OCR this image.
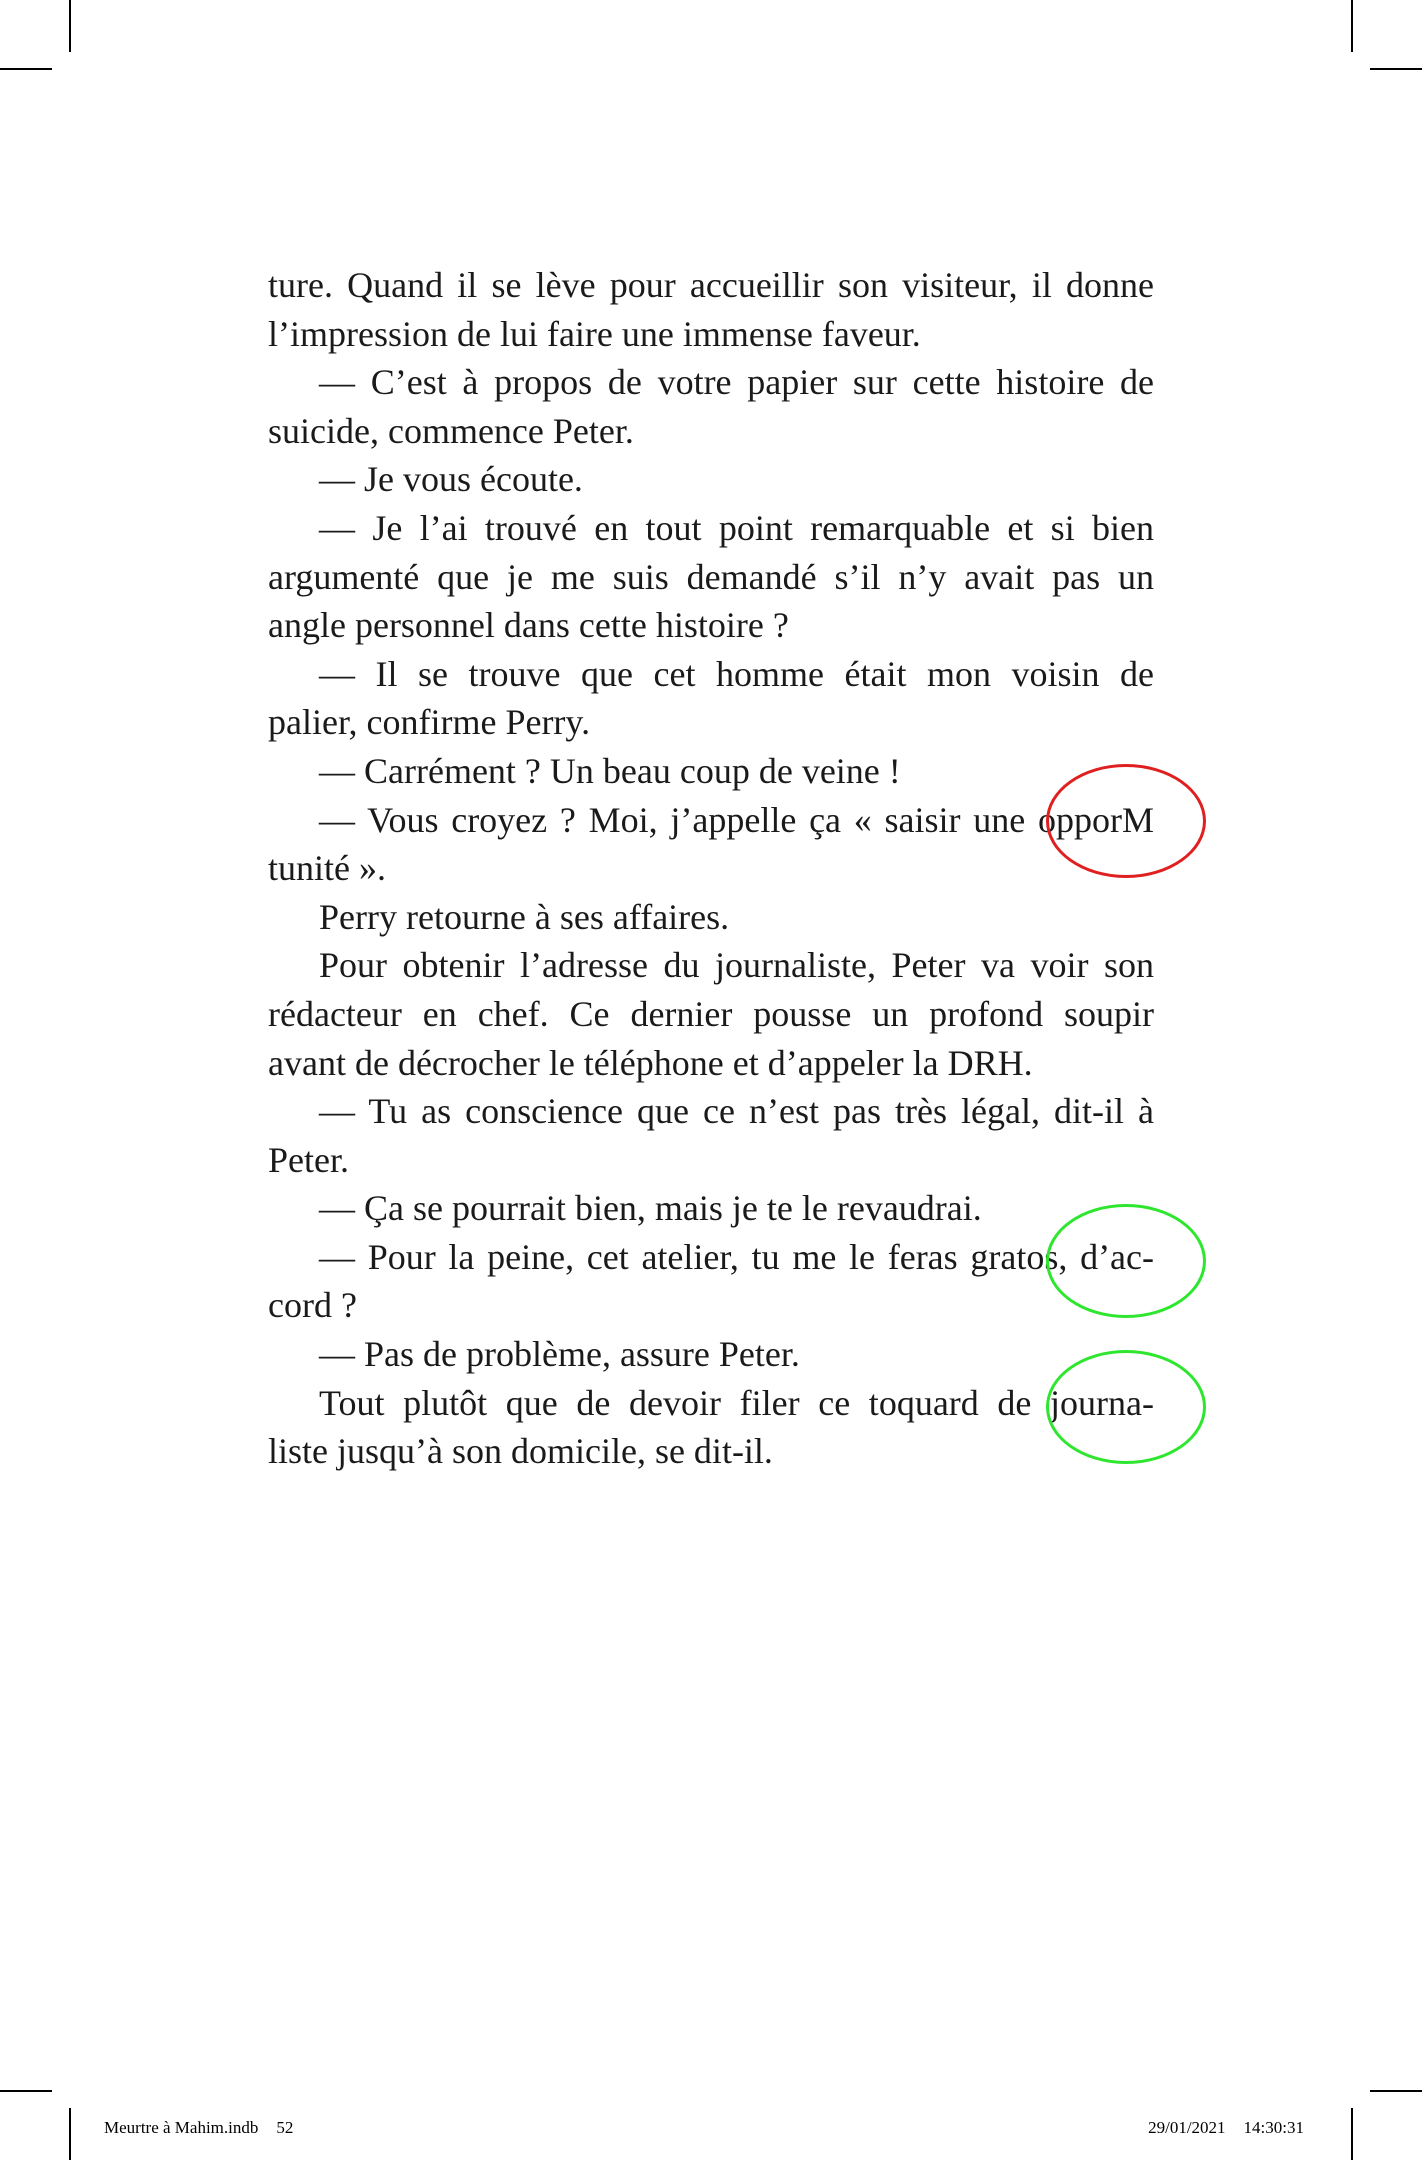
ture. Quand il se lève pour accueillir son visiteur, il donne
l’impression de lui faire une immense faveur.
— C’est à propos de votre papier sur cette histoire de
suicide, commence Peter.
— Je vous écoute.
— Je l’ai trouvé en tout point remarquable et si bien
argumenté que je me suis demandé s’il n’y avait pas un
angle personnel dans cette histoire ?
— Il se trouve que cet homme était mon voisin de
palier, confirme Perry.
— Carrément ? Un beau coup de veine !
— Vous croyez ? Moi, j’appelle ça « saisir une opporM
tunité ».
Perry retourne à ses affaires.
Pour obtenir l’adresse du journaliste, Peter va voir son
rédacteur en chef. Ce dernier pousse un profond soupir
avant de décrocher le téléphone et d’appeler la DRH.
— Tu as conscience que ce n’est pas très légal, dit-il à
Peter.
— Ça se pourrait bien, mais je te le revaudrai.
— Pour la peine, cet atelier, tu me le feras gratos, d’ac-
cord ?
— Pas de problème, assure Peter.
Tout plutôt que de devoir filer ce toquard de journa-
liste jusqu’à son domicile, se dit-il.
Meurtre à Mahim.indb 52	29/01/2021 14:30:31
